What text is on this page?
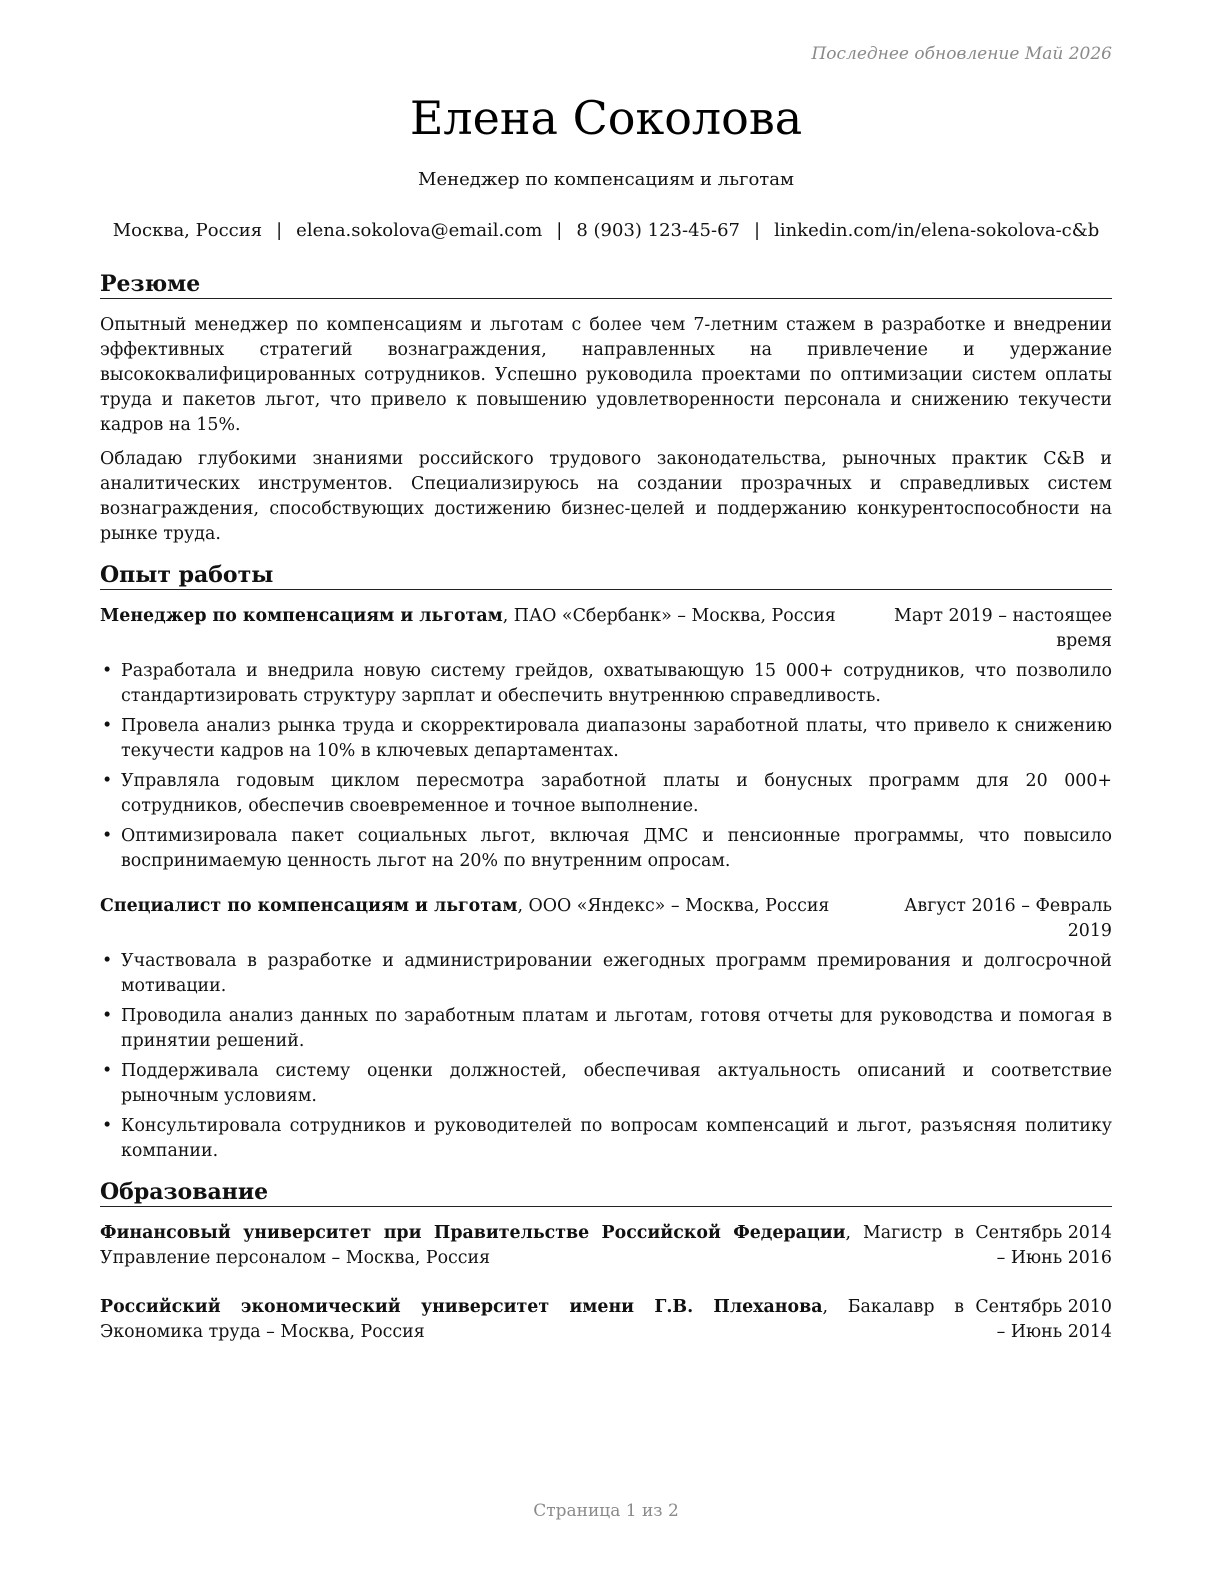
Последнее обновление Май 2026
Елена Соколова
Менеджер по компенсациям и льготам
Москва, Россия | elena.sokolova@email.com | 8 (903) 123-45-67 | linkedin.com/in/elena-sokolova-c&b
Резюме

Опытный менеджер по компенсациям и льготам с более чем 7-летним стажем в разработке и внедрении эффективных стратегий вознаграждения, направленных на привлечение и удержание высококвалифицированных сотрудников. Успешно руководила проектами по оптимизации систем оплаты труда и пакетов льгот, что привело к повышению удовлетворенности персонала и снижению текучести кадров на 15%.

Обладаю глубокими знаниями российского трудового законодательства, рыночных практик C&B и аналитических инструментов. Специализируюсь на создании прозрачных и справедливых систем вознаграждения, способствующих достижению бизнес-целей и поддержанию конкурентоспособности на рынке труда.

Опыт работы
Менеджер по компенсациям и льготам, ПАО «Сбербанк» – Москва, Россия	Март 2019 – настоящее время
• Разработала и внедрила новую систему грейдов, охватывающую 15 000+ сотрудников, что позволило стандартизировать структуру зарплат и обеспечить внутреннюю справедливость.
• Провела анализ рынка труда и скорректировала диапазоны заработной платы, что привело к снижению текучести кадров на 10% в ключевых департаментах.
• Управляла годовым циклом пересмотра заработной платы и бонусных программ для 20 000+ сотрудников, обеспечив своевременное и точное выполнение.
• Оптимизировала пакет социальных льгот, включая ДМС и пенсионные программы, что повысило воспринимаемую ценность льгот на 20% по внутренним опросам.
Специалист по компенсациям и льготам, ООО «Яндекс» – Москва, Россия	Август 2016 – Февраль 2019
• Участвовала в разработке и администрировании ежегодных программ премирования и долгосрочной мотивации.
• Проводила анализ данных по заработным платам и льготам, готовя отчеты для руководства и помогая в принятии решений.
• Поддерживала систему оценки должностей, обеспечивая актуальность описаний и соответствие рыночным условиям.
• Консультировала сотрудников и руководителей по вопросам компенсаций и льгот, разъясняя политику компании.
Образование
Финансовый университет при Правительстве Российской Федерации, Магистр в Управление персоналом – Москва, Россия
Сентябрь 2014 – Июнь 2016
Российский экономический университет имени Г.В. Плеханова, Бакалавр в Экономика труда – Москва, Россия
Сентябрь 2010 – Июнь 2014
Страница 1 из 2
